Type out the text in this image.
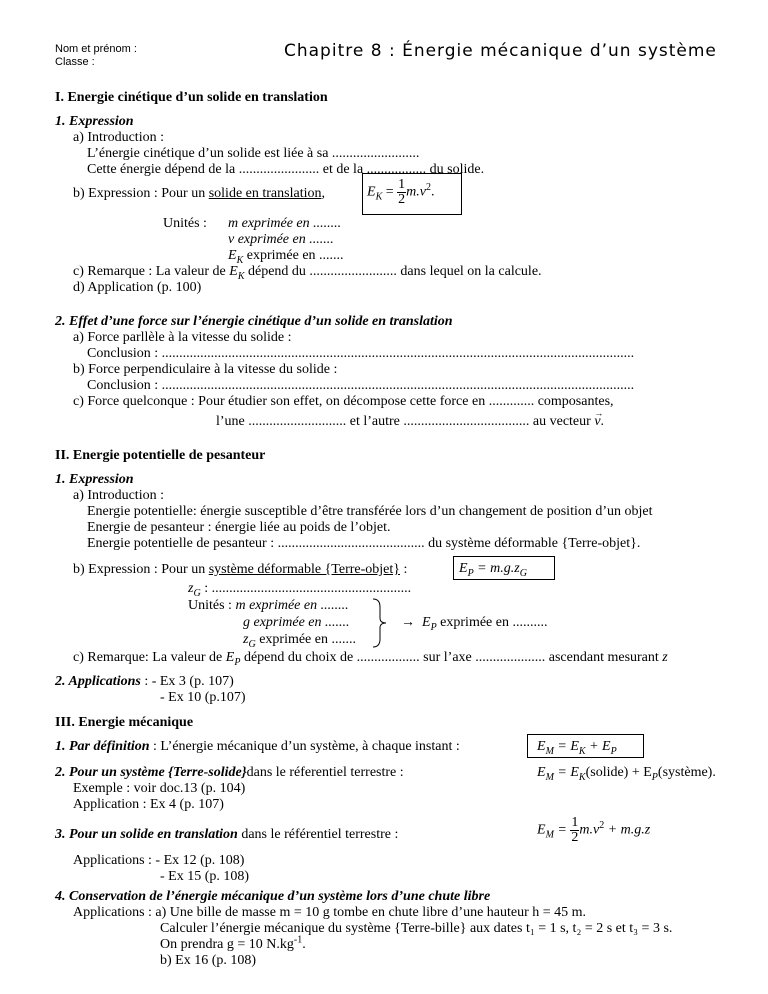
Nom et prénom :
Classe :
Chapitre 8 : Énergie mécanique d’un système
I. Energie cinétique d’un solide en translation
1. Expression
a) Introduction :
L’énergie cinétique d’un solide est liée à sa .........................
Cette énergie dépend de la ....................... et de la ................. du solide.
b) Expression : Pour un solide en translation,	$E_K = \frac{1}{2} m.v^2$.
Unités : m exprimée en ........
v exprimée en .......
$E_K$ exprimée en .......
c) Remarque : La valeur de $E_K$ dépend du ......................... dans lequel on la calcule.
d) Application (p. 100)
2. Effet d’une force sur l’énergie cinétique d’un solide en translation
a) Force parllèle à la vitesse du solide :
Conclusion : .......................................................................................................................................
b) Force perpendiculaire à la vitesse du solide :
Conclusion : .......................................................................................................................................
c) Force quelconque : Pour étudier son effet, on décompose cette force en ............. composantes,
l’une ............................ et l’autre .................................... au vecteur v
→
.
II. Energie potentielle de pesanteur
1. Expression
a) Introduction :
Energie potentielle: énergie susceptible d’être transférée lors d’un changement de position d’un objet
Energie de pesanteur : énergie liée au poids de l’objet.
Energie potentielle de pesanteur : .......................................... du système déformable {Terre-objet}.
b) Expression : Pour un système déformable {Terre-objet} :	$E_P = m.g.z_G$
$z_G$ : .........................................................
Unités : m exprimée en ........
g exprimée en .......
$z_G$ exprimée en .......
→ $E_P$ exprimée en ..........
c) Remarque: La valeur de $E_P$ dépend du choix de .................. sur l’axe .................... ascendant mesurant z
2. Applications : - Ex 3 (p. 107)
- Ex 10 (p.107)
III. Energie mécanique
1. Par définition : L’énergie mécanique d’un système, à chaque instant :	$E_M = E_K + E_P$
2. Pour un système {Terre-solide}dans le réferentiel terrestre :	$E_M$ = $E_K(solide)$ + $E_P(système)$.
Exemple : voir doc.13 (p. 104)
Application : Ex 4 (p. 107)
3. Pour un solide en translation dans le référentiel terrestre :	$E_M = \frac{1}{2} m.v^2 + m.g.z$
Applications : - Ex 12 (p. 108)
- Ex 15 (p. 108)
4. Conservation de l’énergie mécanique d’un système lors d’une chute libre
Applications : a) Une bille de masse m = 10 g tombe en chute libre d’une hauteur h = 45 m.
Calculer l’énergie mécanique du système {Terre-bille} aux dates t₁ = 1 s, t₂ = 2 s et t₃ = 3 s.
On prendra g = 10 $N.kg^{-1}$.
b) Ex 16 (p. 108)
